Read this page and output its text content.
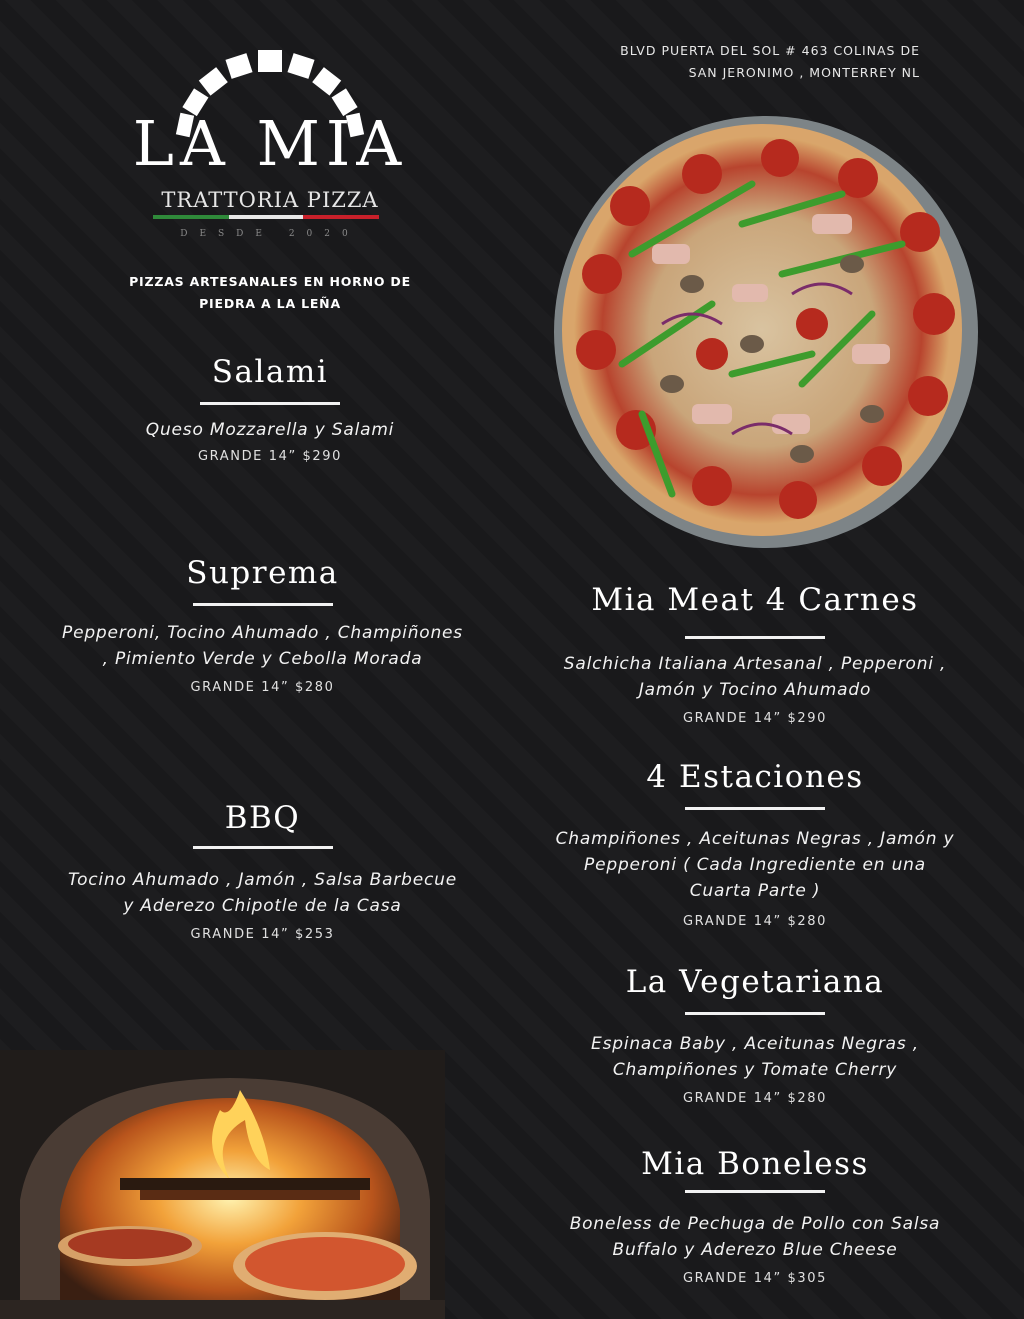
BLVD PUERTA DEL SOL # 463 COLINAS DE
SAN JERONIMO , MONTERREY NL
LA MIA
TRATTORIA PIZZA
DESDE 2020
PIZZAS ARTESANALES EN HORNO DE
PIEDRA A LA LEÑA
Salami
Queso Mozzarella y Salami
GRANDE 14” $290
Suprema
Pepperoni, Tocino Ahumado , Champiñones
, Pimiento Verde y Cebolla Morada
GRANDE 14” $280
BBQ
Tocino Ahumado , Jamón , Salsa Barbecue
y Aderezo Chipotle de la Casa
GRANDE 14” $253
Mia Meat 4 Carnes
Salchicha Italiana Artesanal , Pepperoni ,
Jamón y Tocino Ahumado
GRANDE 14” $290
4 Estaciones
Champiñones , Aceitunas Negras , Jamón y
Pepperoni ( Cada Ingrediente en una
Cuarta Parte )
GRANDE 14” $280
La Vegetariana
Espinaca Baby , Aceitunas Negras ,
Champiñones y Tomate Cherry
GRANDE 14” $280
Mia Boneless
Boneless de Pechuga de Pollo con Salsa
Buffalo y Aderezo Blue Cheese
GRANDE 14” $305
